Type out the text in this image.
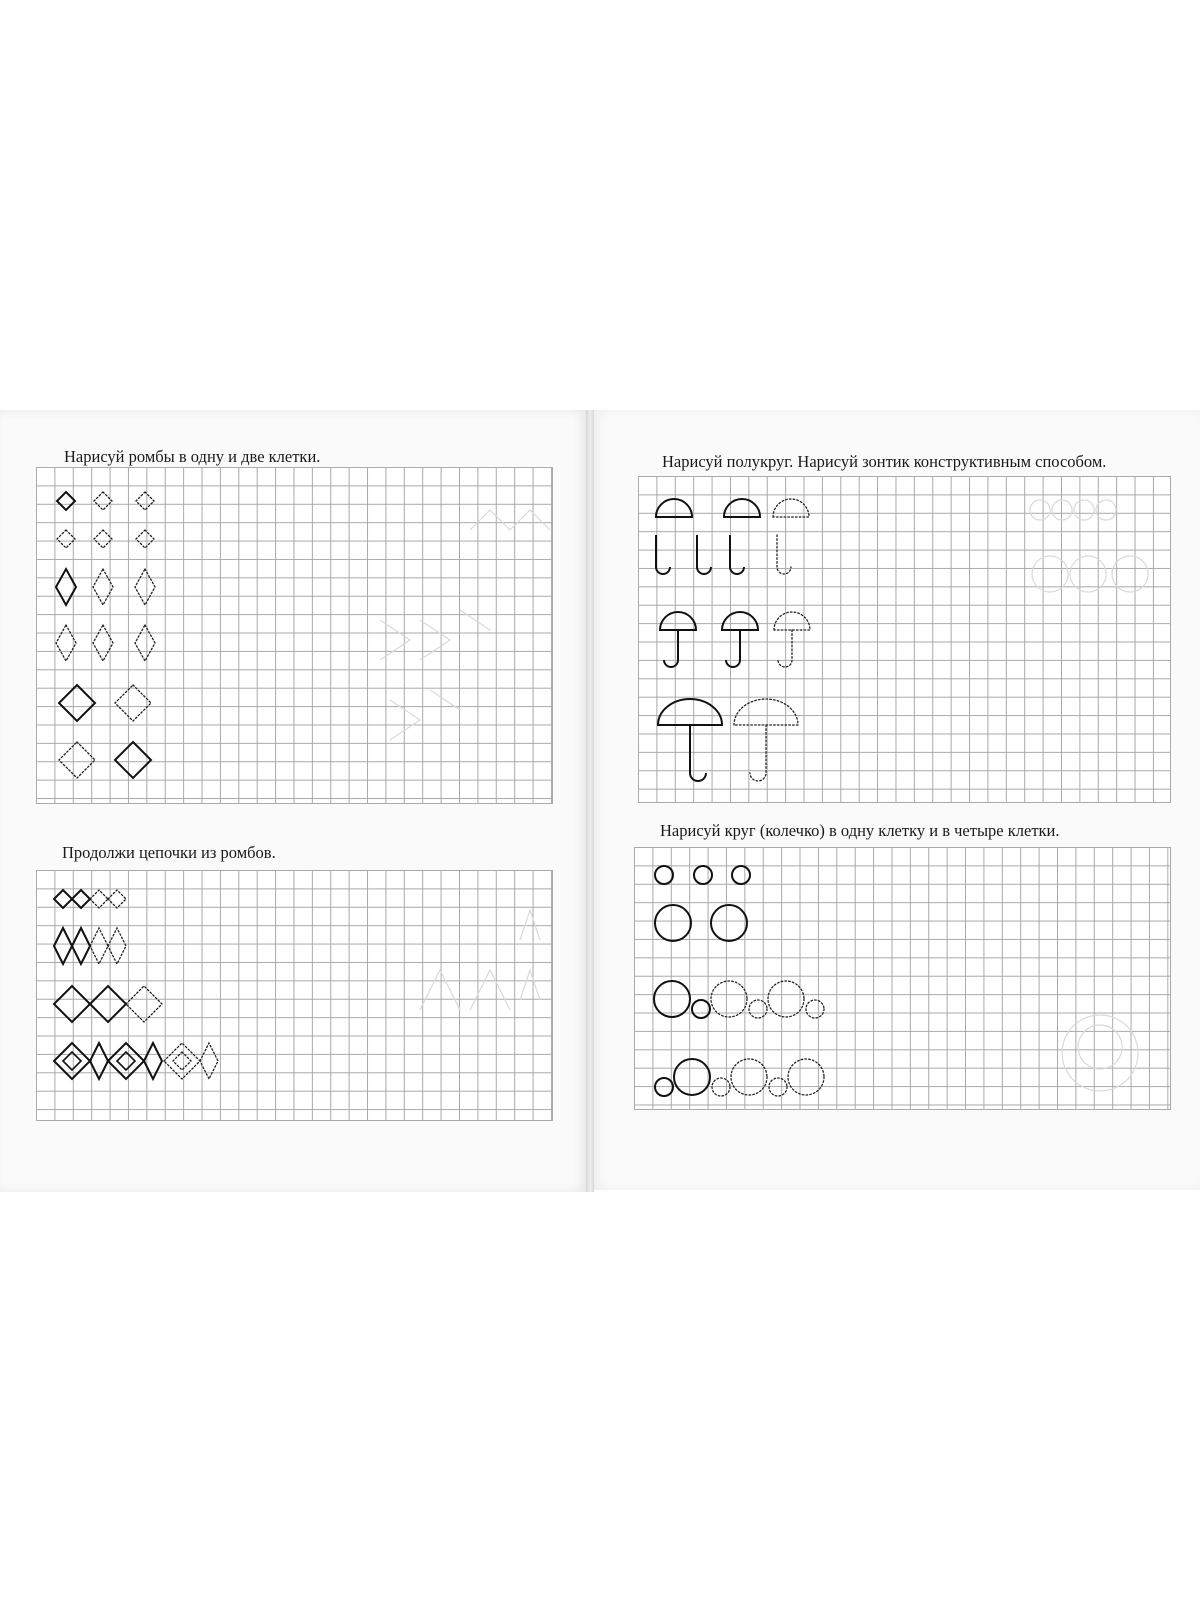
Нарисуй ромбы в одну и две клетки.
Продолжи цепочки из ромбов.
Нарисуй полукруг. Нарисуй зонтик конструктивным способом.
Нарисуй круг (колечко) в одну клетку и в четыре клетки.
